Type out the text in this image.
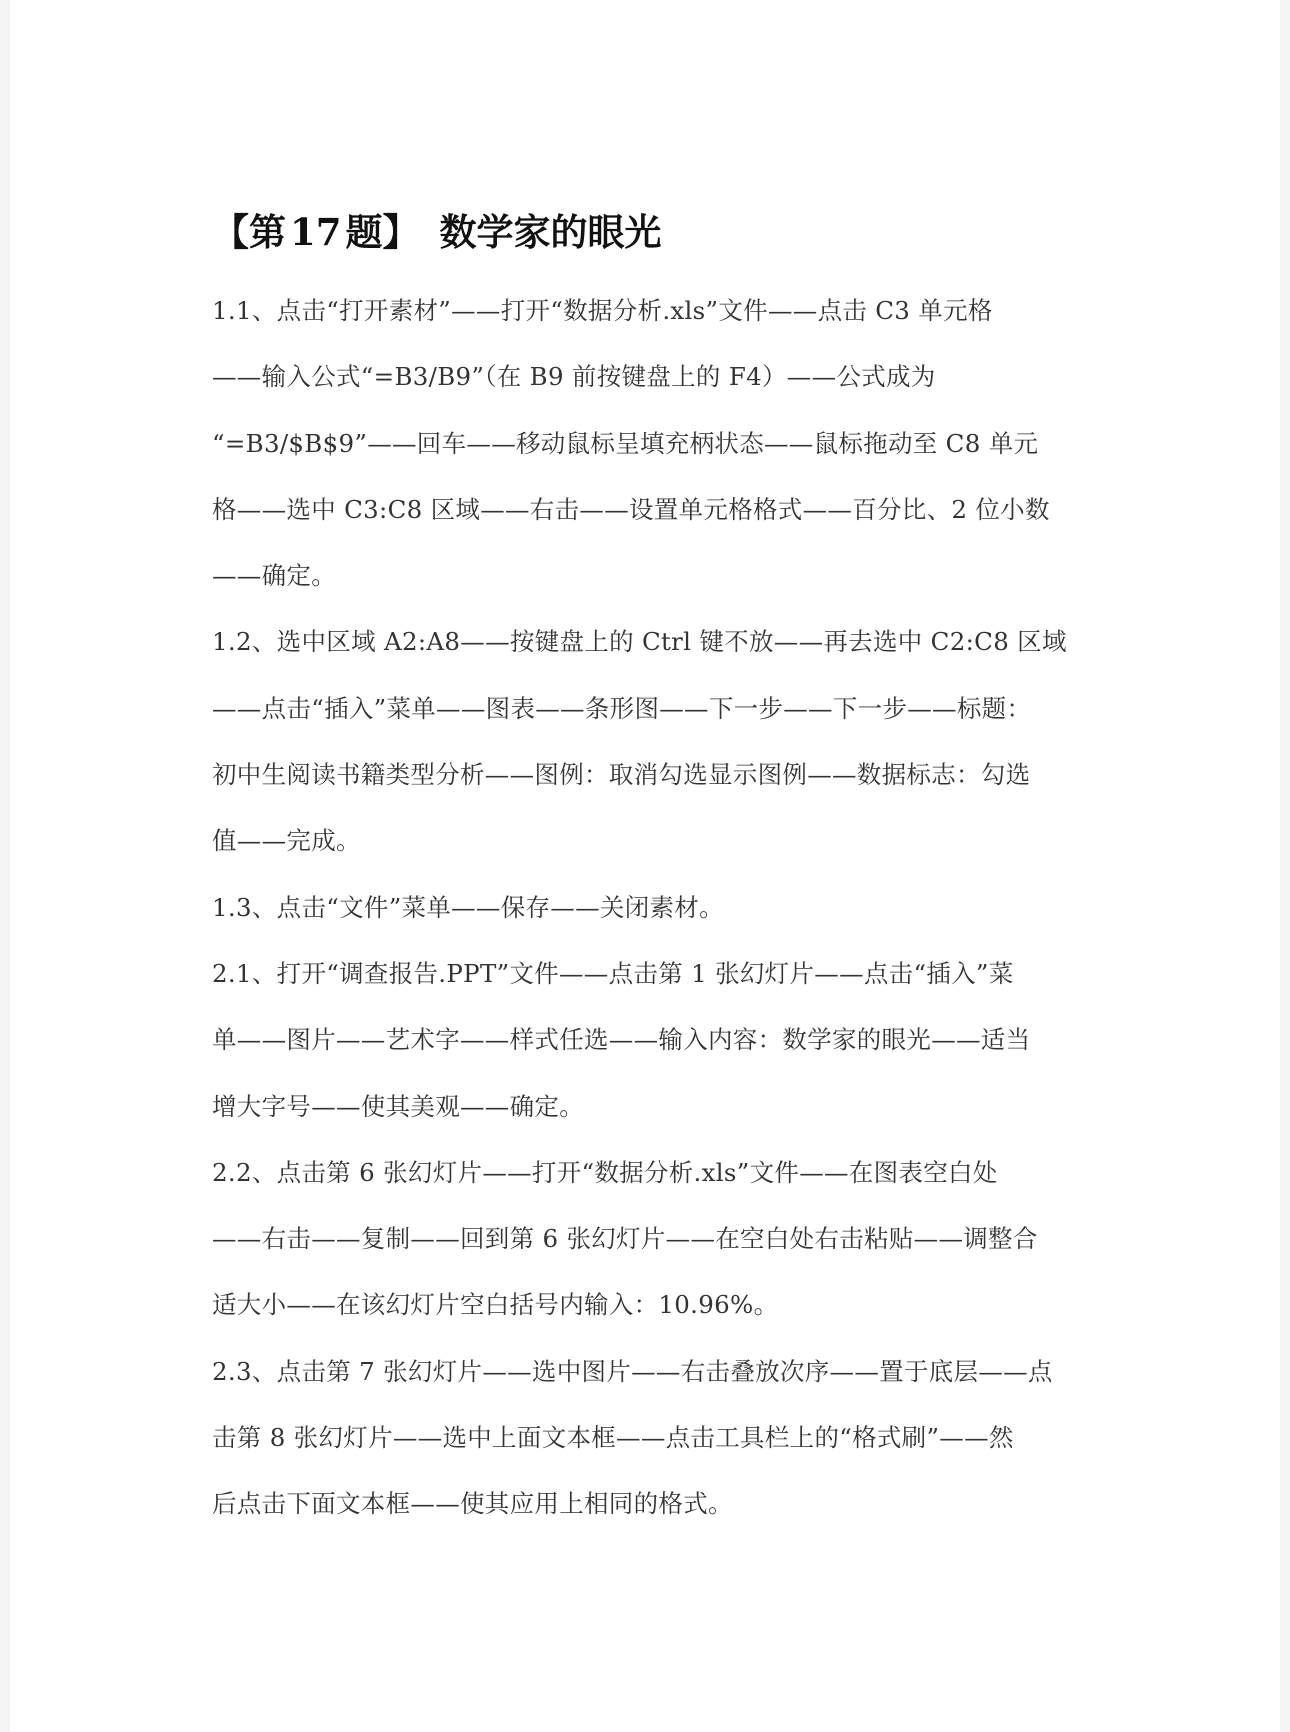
【第 17 题】 数学家的眼光

1.1、点击“打开素材”——打开“数据分析.xls”文件——点击 C3 单元格
——输入公式“=B3/B9”（在 B9 前按键盘上的 F4）——公式成为
“=B3/$B$9”——回车——移动鼠标呈填充柄状态——鼠标拖动至 C8 单元
格——选中 C3:C8 区域——右击——设置单元格格式——百分比、2 位小数
——确定。

1.2、选中区域 A2:A8——按键盘上的 Ctrl 键不放——再去选中 C2:C8 区域
——点击“插入”菜单——图表——条形图——下一步——下一步——标题：
初中生阅读书籍类型分析——图例：取消勾选显示图例——数据标志：勾选
值——完成。

1.3、点击“文件”菜单——保存——关闭素材。

2.1、打开“调查报告.PPT”文件——点击第 1 张幻灯片——点击“插入”菜
单——图片——艺术字——样式任选——输入内容：数学家的眼光——适当
增大字号——使其美观——确定。

2.2、点击第 6 张幻灯片——打开“数据分析.xls”文件——在图表空白处
——右击——复制——回到第 6 张幻灯片——在空白处右击粘贴——调整合
适大小——在该幻灯片空白括号内输入：10.96%。

2.3、点击第 7 张幻灯片——选中图片——右击叠放次序——置于底层——点
击第 8 张幻灯片——选中上面文本框——点击工具栏上的“格式刷”——然
后点击下面文本框——使其应用上相同的格式。
